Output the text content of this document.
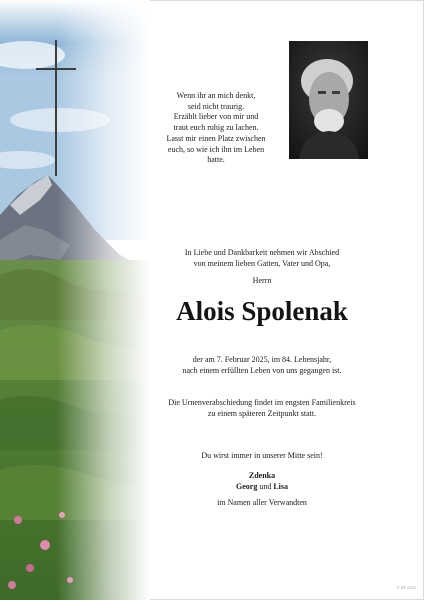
Wenn ihr an mich denkt,
seid nicht traurig.
Erzählt lieber von mir und
traut euch ruhig zu lachen.
Lasst mir einen Platz zwischen
euch, so wie ich ihn im Leben
hatte.
In Liebe und Dankbarkeit nehmen wir Abschied
von meinem lieben Gatten, Vater und Opa,
Herrn
Alois Spolenak
der am 7. Februar 2025, im 84. Lebensjahr,
nach einem erfüllten Leben von uns gegangen ist.
Die Urnenverabschiedung findet im engsten Familienkreis
zu einem späteren Zeitpunkt statt.
Du wirst immer in unserer Mitte sein!
Zdenka
Georg und Lisa
im Namen aller Verwandten
© EP 2021
